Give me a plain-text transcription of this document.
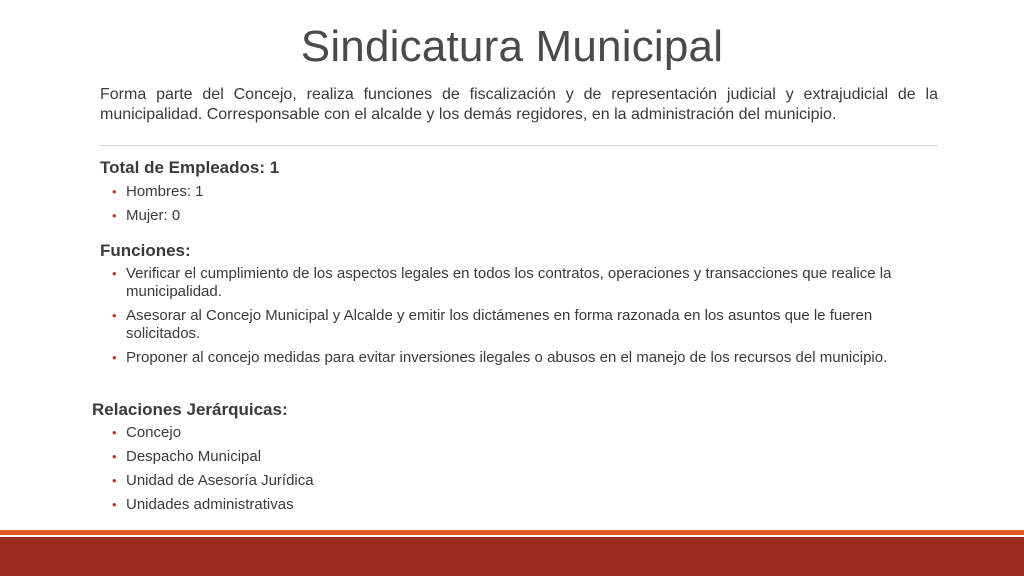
Sindicatura Municipal

Forma parte del Concejo, realiza funciones de fiscalización y de representación judicial y extrajudicial de la municipalidad. Corresponsable con el alcalde y los demás regidores, en la administración del municipio.

Total de Empleados: 1
• Hombres: 1
• Mujer: 0
Funciones:
• Verificar el cumplimiento de los aspectos legales en todos los contratos, operaciones y transacciones que realice la municipalidad.
• Asesorar al Concejo Municipal y Alcalde y emitir los dictámenes en forma razonada en los asuntos que le fueren solicitados.
• Proponer al concejo medidas para evitar inversiones ilegales o abusos en el manejo de los recursos del municipio.
Relaciones Jerárquicas:
• Concejo
• Despacho Municipal
• Unidad de Asesoría Jurídica
• Unidades administrativas
